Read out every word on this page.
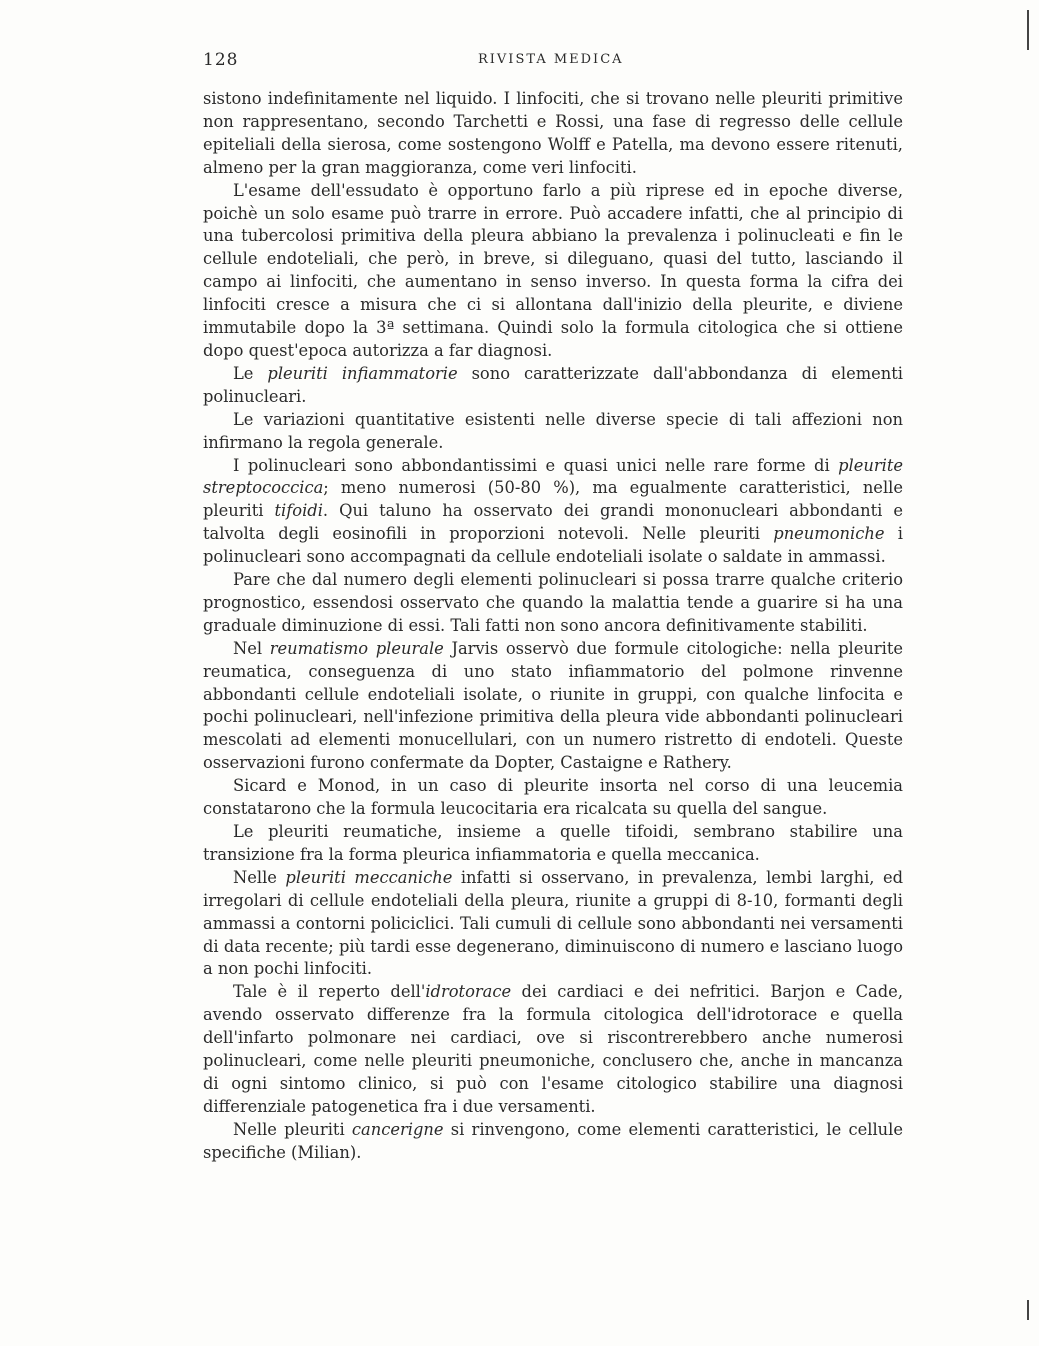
128	RIVISTA MEDICA

sistono indefinitamente nel liquido. I linfociti, che si trovano nelle pleuriti primitive non rappresentano, secondo Tarchetti e Rossi, una fase di regresso delle cellule epiteliali della sierosa, come sostengono Wolff e Patella, ma devono essere ritenuti, almeno per la gran maggioranza, come veri linfociti.

L'esame dell'essudato è opportuno farlo a più riprese ed in epoche diverse, poichè un solo esame può trarre in errore. Può accadere infatti, che al principio di una tubercolosi primitiva della pleura abbiano la prevalenza i polinucleati e fin le cellule endoteliali, che però, in breve, si dileguano, quasi del tutto, lasciando il campo ai linfociti, che aumentano in senso inverso. In questa forma la cifra dei linfociti cresce a misura che ci si allontana dall'inizio della pleurite, e diviene immutabile dopo la 3ª settimana. Quindi solo la formula citologica che si ottiene dopo quest'epoca autorizza a far diagnosi.

Le pleuriti infiammatorie sono caratterizzate dall'abbondanza di elementi polinucleari.

Le variazioni quantitative esistenti nelle diverse specie di tali affezioni non infirmano la regola generale.

I polinucleari sono abbondantissimi e quasi unici nelle rare forme di pleurite streptococcica; meno numerosi (50-80 %), ma egualmente caratteristici, nelle pleuriti tifoidi. Qui taluno ha osservato dei grandi mononucleari abbondanti e talvolta degli eosinofili in proporzioni notevoli. Nelle pleuriti pneumoniche i polinucleari sono accompagnati da cellule endoteliali isolate o saldate in ammassi.

Pare che dal numero degli elementi polinucleari si possa trarre qualche criterio prognostico, essendosi osservato che quando la malattia tende a guarire si ha una graduale diminuzione di essi. Tali fatti non sono ancora definitivamente stabiliti.

Nel reumatismo pleurale Jarvis osservò due formule citologiche: nella pleurite reumatica, conseguenza di uno stato infiammatorio del polmone rinvenne abbondanti cellule endoteliali isolate, o riunite in gruppi, con qualche linfocita e pochi polinucleari, nell'infezione primitiva della pleura vide abbondanti polinucleari mescolati ad elementi monucellulari, con un numero ristretto di endoteli. Queste osservazioni furono confermate da Dopter, Castaigne e Rathery.

Sicard e Monod, in un caso di pleurite insorta nel corso di una leucemia constatarono che la formula leucocitaria era ricalcata su quella del sangue.

Le pleuriti reumatiche, insieme a quelle tifoidi, sembrano stabilire una transizione fra la forma pleurica infiammatoria e quella meccanica.

Nelle pleuriti meccaniche infatti si osservano, in prevalenza, lembi larghi, ed irregolari di cellule endoteliali della pleura, riunite a gruppi di 8-10, formanti degli ammassi a contorni policiclici. Tali cumuli di cellule sono abbondanti nei versamenti di data recente; più tardi esse degenerano, diminuiscono di numero e lasciano luogo a non pochi linfociti.

Tale è il reperto dell'idrotorace dei cardiaci e dei nefritici. Barjon e Cade, avendo osservato differenze fra la formula citologica dell'idrotorace e quella dell'infarto polmonare nei cardiaci, ove si riscontrerebbero anche numerosi polinucleari, come nelle pleuriti pneumoniche, conclusero che, anche in mancanza di ogni sintomo clinico, si può con l'esame citologico stabilire una diagnosi differenziale patogenetica fra i due versamenti.

Nelle pleuriti cancerigne si rinvengono, come elementi caratteristici, le cellule specifiche (Milian).
